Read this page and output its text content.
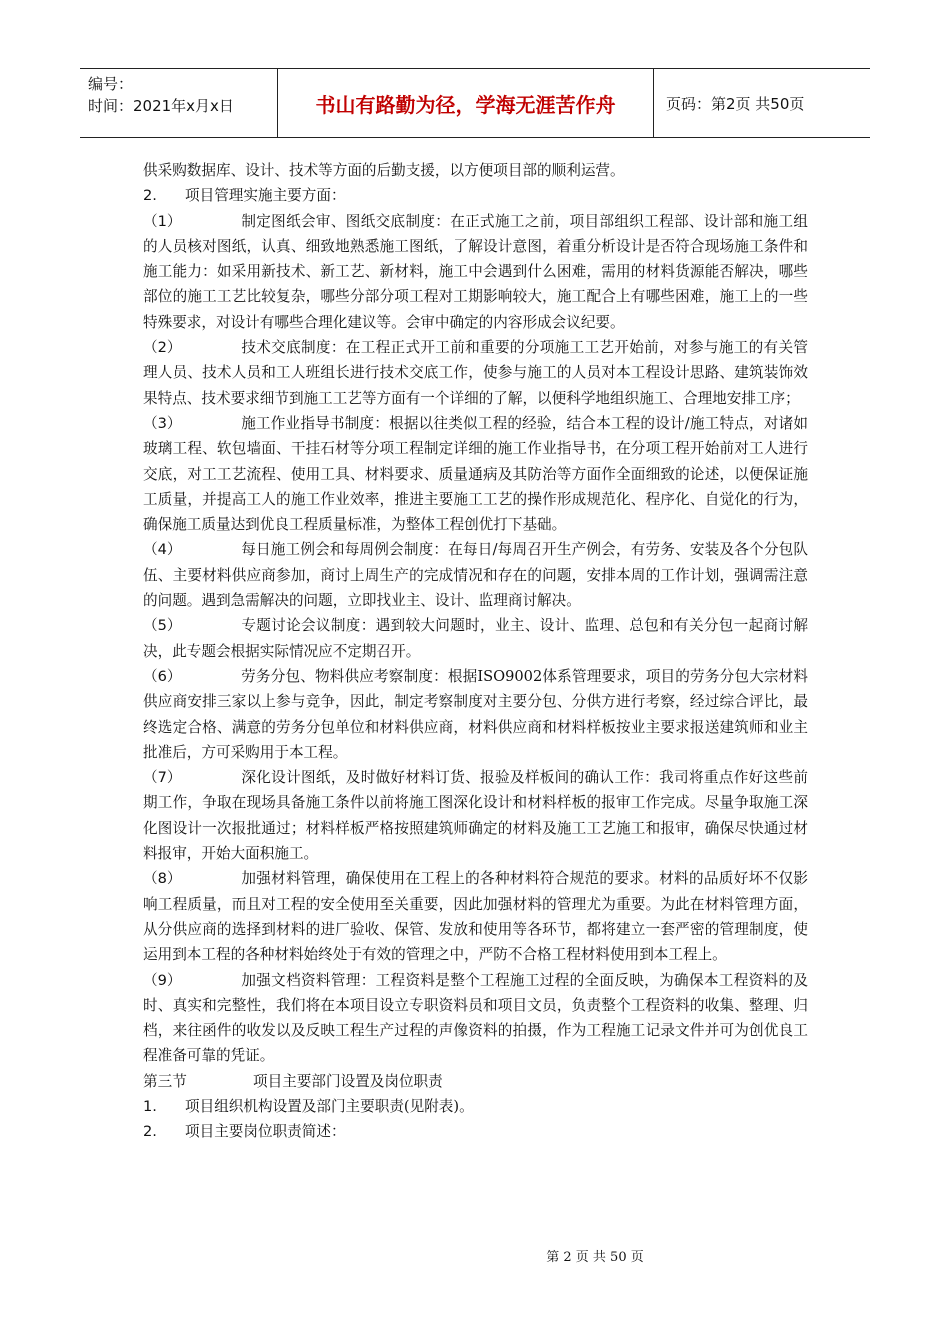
编号：
时间：2021年x月x日	书山有路勤为径，学海无涯苦作舟	页码：第2页 共50页

供采购数据库、设计、技术等方面的后勤支援，以方便项目部的顺利运营。

2. 项目管理实施主要方面：

（1）	制定图纸会审、图纸交底制度：在正式施工之前，项目部组织工程部、设计部和施工组的人员核对图纸，认真、细致地熟悉施工图纸，了解设计意图，着重分析设计是否符合现场施工条件和施工能力：如采用新技术、新工艺、新材料，施工中会遇到什么困难，需用的材料货源能否解决，哪些部位的施工工艺比较复杂，哪些分部分项工程对工期影响较大，施工配合上有哪些困难，施工上的一些特殊要求，对设计有哪些合理化建议等。会审中确定的内容形成会议纪要。

（2）	技术交底制度：在工程正式开工前和重要的分项施工工艺开始前，对参与施工的有关管理人员、技术人员和工人班组长进行技术交底工作，使参与施工的人员对本工程设计思路、建筑装饰效果特点、技术要求细节到施工工艺等方面有一个详细的了解，以便科学地组织施工、合理地安排工序；

（3）	施工作业指导书制度：根据以往类似工程的经验，结合本工程的设计/施工特点，对诸如玻璃工程、软包墙面、干挂石材等分项工程制定详细的施工作业指导书，在分项工程开始前对工人进行交底，对工工艺流程、使用工具、材料要求、质量通病及其防治等方面作全面细致的论述，以便保证施工质量，并提高工人的施工作业效率，推进主要施工工艺的操作形成规范化、程序化、自觉化的行为，确保施工质量达到优良工程质量标准，为整体工程创优打下基础。

（4）	每日施工例会和每周例会制度：在每日/每周召开生产例会，有劳务、安装及各个分包队伍、主要材料供应商参加，商讨上周生产的完成情况和存在的问题，安排本周的工作计划，强调需注意的问题。遇到急需解决的问题，立即找业主、设计、监理商讨解决。

（5）	专题讨论会议制度：遇到较大问题时，业主、设计、监理、总包和有关分包一起商讨解决，此专题会根据实际情况应不定期召开。

（6）	劳务分包、物料供应考察制度：根据ISO9002体系管理要求，项目的劳务分包大宗材料供应商安排三家以上参与竞争，因此，制定考察制度对主要分包、分供方进行考察，经过综合评比，最终选定合格、满意的劳务分包单位和材料供应商，材料供应商和材料样板按业主要求报送建筑师和业主批准后，方可采购用于本工程。

（7）	深化设计图纸，及时做好材料订货、报验及样板间的确认工作：我司将重点作好这些前期工作，争取在现场具备施工条件以前将施工图深化设计和材料样板的报审工作完成。尽量争取施工深化图设计一次报批通过；材料样板严格按照建筑师确定的材料及施工工艺施工和报审，确保尽快通过材料报审，开始大面积施工。

（8）	加强材料管理，确保使用在工程上的各种材料符合规范的要求。材料的品质好坏不仅影响工程质量，而且对工程的安全使用至关重要，因此加强材料的管理尤为重要。为此在材料管理方面，从分供应商的选择到材料的进厂验收、保管、发放和使用等各环节，都将建立一套严密的管理制度，使运用到本工程的各种材料始终处于有效的管理之中，严防不合格工程材料使用到本工程上。

（9）	加强文档资料管理：工程资料是整个工程施工过程的全面反映，为确保本工程资料的及时、真实和完整性，我们将在本项目设立专职资料员和项目文员，负责整个工程资料的收集、整理、归档，来往函件的收发以及反映工程生产过程的声像资料的拍摄，作为工程施工记录文件并可为创优良工程准备可靠的凭证。

第三节	项目主要部门设置及岗位职责

1. 项目组织机构设置及部门主要职责(见附表)。

2. 项目主要岗位职责简述：

第 2 页 共 50 页
